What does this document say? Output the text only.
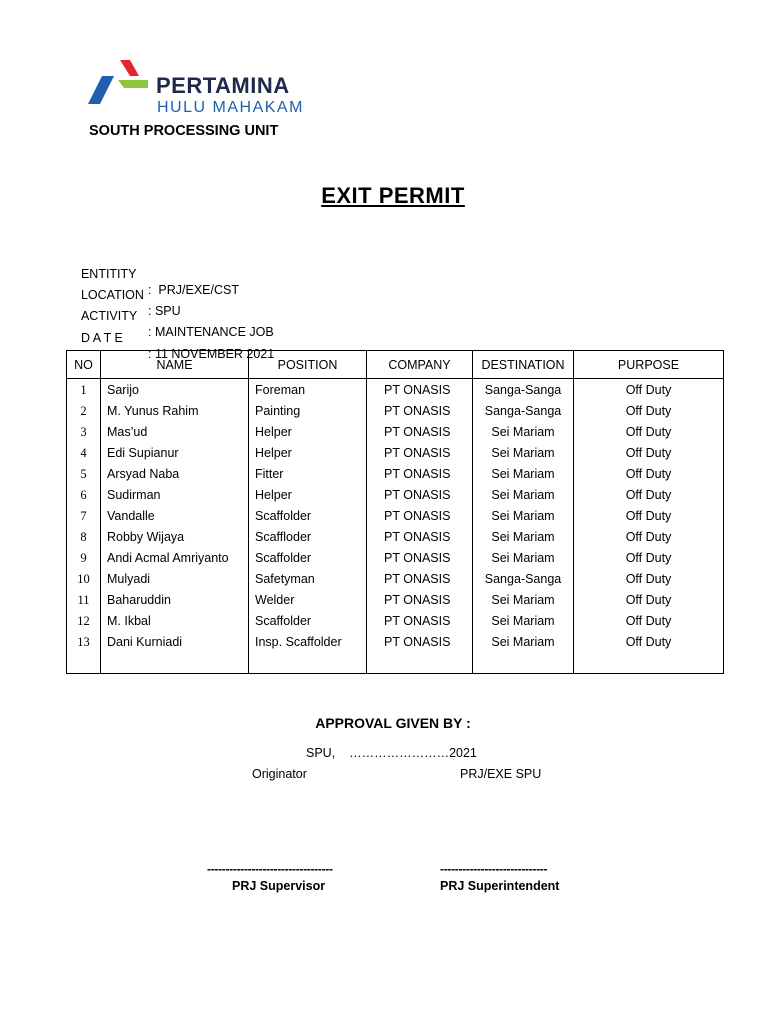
PERTAMINA
HULU MAHAKAM
SOUTH PROCESSING UNIT
EXIT PERMIT

ENTITITY

:  PRJ/EXE/CST

LOCATION

: SPU

ACTIVITY

: MAINTENANCE JOB

D A T E

: 11 NOVEMBER 2021

NO	NAME	POSITION	COMPANY	DESTINATION	PURPOSE
1	Sarijo	Foreman	PT ONASIS	Sanga-Sanga	Off Duty
2	M. Yunus Rahim	Painting	PT ONASIS	Sanga-Sanga	Off Duty
3	Mas’ud	Helper	PT ONASIS	Sei Mariam	Off Duty
4	Edi Supianur	Helper	PT ONASIS	Sei Mariam	Off Duty
5	Arsyad Naba	Fitter	PT ONASIS	Sei Mariam	Off Duty
6	Sudirman	Helper	PT ONASIS	Sei Mariam	Off Duty
7	Vandalle	Scaffolder	PT ONASIS	Sei Mariam	Off Duty
8	Robby Wijaya	Scaffloder	PT ONASIS	Sei Mariam	Off Duty
9	Andi Acmal Amriyanto	Scaffolder	PT ONASIS	Sei Mariam	Off Duty
10	Mulyadi	Safetyman	PT ONASIS	Sanga-Sanga	Off Duty
11	Baharuddin	Welder	PT ONASIS	Sei Mariam	Off Duty
12	M. Ikbal	Scaffolder	PT ONASIS	Sei Mariam	Off Duty
13	Dani Kurniadi	Insp. Scaffolder	PT ONASIS	Sei Mariam	Off Duty

APPROVAL GIVEN BY :
SPU,    ……………………2021
Originator	PRJ/EXE SPU
----------------------------------	-----------------------------
PRJ Supervisor	PRJ Superintendent
